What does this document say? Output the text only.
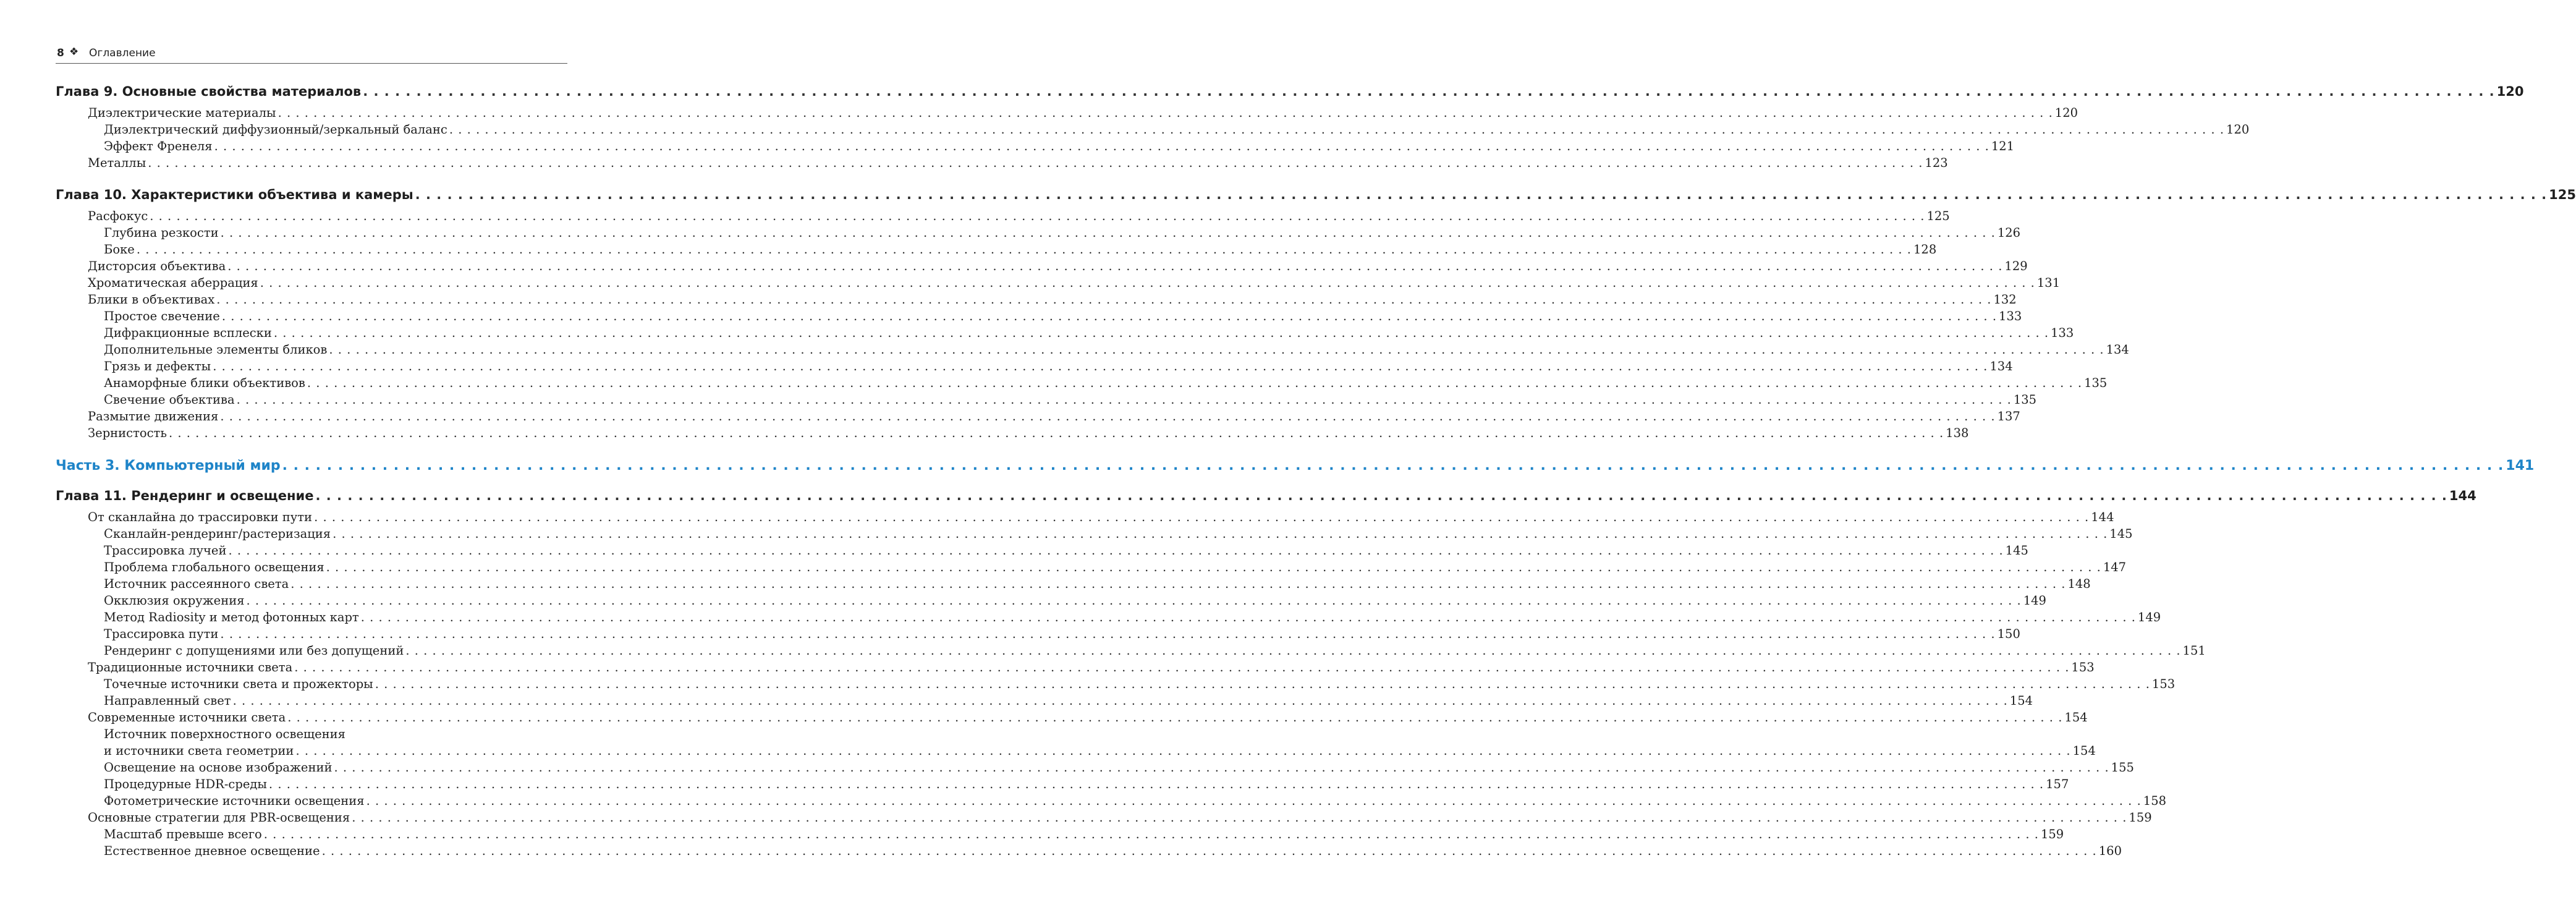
8 ❖ Оглавление
Глава 9. Основные свойства материалов . . . . . . . . . . . . . . . . . . . . . . . . . . . . . . . . . . . . . . . . . . . . . . . . . . . . . . . . . . . . . . . . . . . . . . . . . . . . . . . . . . . . . . . . . . . . . . . . . . . . . . . . . . . . . . . . . . . . . . . . . . . . . . . . . . . . . . . . . . . . . . . . . . . . . . . . . . . . . . . . . . . . . . . . . . . . . . . . . . . . . . . . . . . . . . . . . . . . . . . . 120
Диэлектрические материалы . . . . . . . . . . . . . . . . . . . . . . . . . . . . . . . . . . . . . . . . . . . . . . . . . . . . . . . . . . . . . . . . . . . . . . . . . . . . . . . . . . . . . . . . . . . . . . . . . . . . . . . . . . . . . . . . . . . . . . . . . . . . . . . . . . . . . . . . . . . . . . . . . . . . . . . . . . . . . . . . . . . . . . . . . . . . . . . . . . . . . . . . . . . . . . . . . . . . . . . . 120
Диэлектрический диффузионный/зеркальный баланс . . . . . . . . . . . . . . . . . . . . . . . . . . . . . . . . . . . . . . . . . . . . . . . . . . . . . . . . . . . . . . . . . . . . . . . . . . . . . . . . . . . . . . . . . . . . . . . . . . . . . . . . . . . . . . . . . . . . . . . . . . . . . . . . . . . . . . . . . . . . . . . . . . . . . . . . . . . . . . . . . . . . . . . . . . . . . . . . . . . . . . . . . . . . . . . . . . . . . . . . 120
Эффект Френеля . . . . . . . . . . . . . . . . . . . . . . . . . . . . . . . . . . . . . . . . . . . . . . . . . . . . . . . . . . . . . . . . . . . . . . . . . . . . . . . . . . . . . . . . . . . . . . . . . . . . . . . . . . . . . . . . . . . . . . . . . . . . . . . . . . . . . . . . . . . . . . . . . . . . . . . . . . . . . . . . . . . . . . . . . . . . . . . . . . . . . . . . . . . . . . . . . . . . . . . . 121
Металлы . . . . . . . . . . . . . . . . . . . . . . . . . . . . . . . . . . . . . . . . . . . . . . . . . . . . . . . . . . . . . . . . . . . . . . . . . . . . . . . . . . . . . . . . . . . . . . . . . . . . . . . . . . . . . . . . . . . . . . . . . . . . . . . . . . . . . . . . . . . . . . . . . . . . . . . . . . . . . . . . . . . . . . . . . . . . . . . . . . . . . . . . . . . . . . . . . . . . . . . . 123
Глава 10. Характеристики объектива и камеры . . . . . . . . . . . . . . . . . . . . . . . . . . . . . . . . . . . . . . . . . . . . . . . . . . . . . . . . . . . . . . . . . . . . . . . . . . . . . . . . . . . . . . . . . . . . . . . . . . . . . . . . . . . . . . . . . . . . . . . . . . . . . . . . . . . . . . . . . . . . . . . . . . . . . . . . . . . . . . . . . . . . . . . . . . . . . . . . . . . . . . . . . . . . . . . . . . . . . . . . 125
Расфокус . . . . . . . . . . . . . . . . . . . . . . . . . . . . . . . . . . . . . . . . . . . . . . . . . . . . . . . . . . . . . . . . . . . . . . . . . . . . . . . . . . . . . . . . . . . . . . . . . . . . . . . . . . . . . . . . . . . . . . . . . . . . . . . . . . . . . . . . . . . . . . . . . . . . . . . . . . . . . . . . . . . . . . . . . . . . . . . . . . . . . . . . . . . . . . . . . . . . . . . . 125
Глубина резкости . . . . . . . . . . . . . . . . . . . . . . . . . . . . . . . . . . . . . . . . . . . . . . . . . . . . . . . . . . . . . . . . . . . . . . . . . . . . . . . . . . . . . . . . . . . . . . . . . . . . . . . . . . . . . . . . . . . . . . . . . . . . . . . . . . . . . . . . . . . . . . . . . . . . . . . . . . . . . . . . . . . . . . . . . . . . . . . . . . . . . . . . . . . . . . . . . . . . . . . . 126
Боке . . . . . . . . . . . . . . . . . . . . . . . . . . . . . . . . . . . . . . . . . . . . . . . . . . . . . . . . . . . . . . . . . . . . . . . . . . . . . . . . . . . . . . . . . . . . . . . . . . . . . . . . . . . . . . . . . . . . . . . . . . . . . . . . . . . . . . . . . . . . . . . . . . . . . . . . . . . . . . . . . . . . . . . . . . . . . . . . . . . . . . . . . . . . . . . . . . . . . . . . 128
Дисторсия объектива . . . . . . . . . . . . . . . . . . . . . . . . . . . . . . . . . . . . . . . . . . . . . . . . . . . . . . . . . . . . . . . . . . . . . . . . . . . . . . . . . . . . . . . . . . . . . . . . . . . . . . . . . . . . . . . . . . . . . . . . . . . . . . . . . . . . . . . . . . . . . . . . . . . . . . . . . . . . . . . . . . . . . . . . . . . . . . . . . . . . . . . . . . . . . . . . . . . . . . . . 129
Хроматическая аберрация . . . . . . . . . . . . . . . . . . . . . . . . . . . . . . . . . . . . . . . . . . . . . . . . . . . . . . . . . . . . . . . . . . . . . . . . . . . . . . . . . . . . . . . . . . . . . . . . . . . . . . . . . . . . . . . . . . . . . . . . . . . . . . . . . . . . . . . . . . . . . . . . . . . . . . . . . . . . . . . . . . . . . . . . . . . . . . . . . . . . . . . . . . . . . . . . . . . . . . . . 131
Блики в объективах . . . . . . . . . . . . . . . . . . . . . . . . . . . . . . . . . . . . . . . . . . . . . . . . . . . . . . . . . . . . . . . . . . . . . . . . . . . . . . . . . . . . . . . . . . . . . . . . . . . . . . . . . . . . . . . . . . . . . . . . . . . . . . . . . . . . . . . . . . . . . . . . . . . . . . . . . . . . . . . . . . . . . . . . . . . . . . . . . . . . . . . . . . . . . . . . . . . . . . . . 132
Простое свечение . . . . . . . . . . . . . . . . . . . . . . . . . . . . . . . . . . . . . . . . . . . . . . . . . . . . . . . . . . . . . . . . . . . . . . . . . . . . . . . . . . . . . . . . . . . . . . . . . . . . . . . . . . . . . . . . . . . . . . . . . . . . . . . . . . . . . . . . . . . . . . . . . . . . . . . . . . . . . . . . . . . . . . . . . . . . . . . . . . . . . . . . . . . . . . . . . . . . . . . . 133
Дифракционные всплески . . . . . . . . . . . . . . . . . . . . . . . . . . . . . . . . . . . . . . . . . . . . . . . . . . . . . . . . . . . . . . . . . . . . . . . . . . . . . . . . . . . . . . . . . . . . . . . . . . . . . . . . . . . . . . . . . . . . . . . . . . . . . . . . . . . . . . . . . . . . . . . . . . . . . . . . . . . . . . . . . . . . . . . . . . . . . . . . . . . . . . . . . . . . . . . . . . . . . . . . 133
Дополнительные элементы бликов . . . . . . . . . . . . . . . . . . . . . . . . . . . . . . . . . . . . . . . . . . . . . . . . . . . . . . . . . . . . . . . . . . . . . . . . . . . . . . . . . . . . . . . . . . . . . . . . . . . . . . . . . . . . . . . . . . . . . . . . . . . . . . . . . . . . . . . . . . . . . . . . . . . . . . . . . . . . . . . . . . . . . . . . . . . . . . . . . . . . . . . . . . . . . . . . . . . . . . . . 134
Грязь и дефекты . . . . . . . . . . . . . . . . . . . . . . . . . . . . . . . . . . . . . . . . . . . . . . . . . . . . . . . . . . . . . . . . . . . . . . . . . . . . . . . . . . . . . . . . . . . . . . . . . . . . . . . . . . . . . . . . . . . . . . . . . . . . . . . . . . . . . . . . . . . . . . . . . . . . . . . . . . . . . . . . . . . . . . . . . . . . . . . . . . . . . . . . . . . . . . . . . . . . . . . . 134
Анаморфные блики объективов . . . . . . . . . . . . . . . . . . . . . . . . . . . . . . . . . . . . . . . . . . . . . . . . . . . . . . . . . . . . . . . . . . . . . . . . . . . . . . . . . . . . . . . . . . . . . . . . . . . . . . . . . . . . . . . . . . . . . . . . . . . . . . . . . . . . . . . . . . . . . . . . . . . . . . . . . . . . . . . . . . . . . . . . . . . . . . . . . . . . . . . . . . . . . . . . . . . . . . . . 135
Свечение объектива . . . . . . . . . . . . . . . . . . . . . . . . . . . . . . . . . . . . . . . . . . . . . . . . . . . . . . . . . . . . . . . . . . . . . . . . . . . . . . . . . . . . . . . . . . . . . . . . . . . . . . . . . . . . . . . . . . . . . . . . . . . . . . . . . . . . . . . . . . . . . . . . . . . . . . . . . . . . . . . . . . . . . . . . . . . . . . . . . . . . . . . . . . . . . . . . . . . . . . . . 135
Размытие движения . . . . . . . . . . . . . . . . . . . . . . . . . . . . . . . . . . . . . . . . . . . . . . . . . . . . . . . . . . . . . . . . . . . . . . . . . . . . . . . . . . . . . . . . . . . . . . . . . . . . . . . . . . . . . . . . . . . . . . . . . . . . . . . . . . . . . . . . . . . . . . . . . . . . . . . . . . . . . . . . . . . . . . . . . . . . . . . . . . . . . . . . . . . . . . . . . . . . . . . . 137
Зернистость . . . . . . . . . . . . . . . . . . . . . . . . . . . . . . . . . . . . . . . . . . . . . . . . . . . . . . . . . . . . . . . . . . . . . . . . . . . . . . . . . . . . . . . . . . . . . . . . . . . . . . . . . . . . . . . . . . . . . . . . . . . . . . . . . . . . . . . . . . . . . . . . . . . . . . . . . . . . . . . . . . . . . . . . . . . . . . . . . . . . . . . . . . . . . . . . . . . . . . . . 138
Часть 3. Компьютерный мир . . . . . . . . . . . . . . . . . . . . . . . . . . . . . . . . . . . . . . . . . . . . . . . . . . . . . . . . . . . . . . . . . . . . . . . . . . . . . . . . . . . . . . . . . . . . . . . . . . . . . . . . . . . . . . . . . . . . . . . . . . . . . . . . . . . . . . . . . . . . . . . . . . . . . . . . . . . . . . . . . . . . . . . . . . . . . . . . . . . . . . . . . . . . . . . . . . . . . . . . 141
Глава 11. Рендеринг и освещение . . . . . . . . . . . . . . . . . . . . . . . . . . . . . . . . . . . . . . . . . . . . . . . . . . . . . . . . . . . . . . . . . . . . . . . . . . . . . . . . . . . . . . . . . . . . . . . . . . . . . . . . . . . . . . . . . . . . . . . . . . . . . . . . . . . . . . . . . . . . . . . . . . . . . . . . . . . . . . . . . . . . . . . . . . . . . . . . . . . . . . . . . . . . . . . . . . . . . . . . 144
От сканлайна до трассировки пути . . . . . . . . . . . . . . . . . . . . . . . . . . . . . . . . . . . . . . . . . . . . . . . . . . . . . . . . . . . . . . . . . . . . . . . . . . . . . . . . . . . . . . . . . . . . . . . . . . . . . . . . . . . . . . . . . . . . . . . . . . . . . . . . . . . . . . . . . . . . . . . . . . . . . . . . . . . . . . . . . . . . . . . . . . . . . . . . . . . . . . . . . . . . . . . . . . . . . . . . 144
Сканлайн-рендеринг/растеризация . . . . . . . . . . . . . . . . . . . . . . . . . . . . . . . . . . . . . . . . . . . . . . . . . . . . . . . . . . . . . . . . . . . . . . . . . . . . . . . . . . . . . . . . . . . . . . . . . . . . . . . . . . . . . . . . . . . . . . . . . . . . . . . . . . . . . . . . . . . . . . . . . . . . . . . . . . . . . . . . . . . . . . . . . . . . . . . . . . . . . . . . . . . . . . . . . . . . . . . . 145
Трассировка лучей . . . . . . . . . . . . . . . . . . . . . . . . . . . . . . . . . . . . . . . . . . . . . . . . . . . . . . . . . . . . . . . . . . . . . . . . . . . . . . . . . . . . . . . . . . . . . . . . . . . . . . . . . . . . . . . . . . . . . . . . . . . . . . . . . . . . . . . . . . . . . . . . . . . . . . . . . . . . . . . . . . . . . . . . . . . . . . . . . . . . . . . . . . . . . . . . . . . . . . . . 145
Проблема глобального освещения . . . . . . . . . . . . . . . . . . . . . . . . . . . . . . . . . . . . . . . . . . . . . . . . . . . . . . . . . . . . . . . . . . . . . . . . . . . . . . . . . . . . . . . . . . . . . . . . . . . . . . . . . . . . . . . . . . . . . . . . . . . . . . . . . . . . . . . . . . . . . . . . . . . . . . . . . . . . . . . . . . . . . . . . . . . . . . . . . . . . . . . . . . . . . . . . . . . . . . . . 147
Источник рассеянного света . . . . . . . . . . . . . . . . . . . . . . . . . . . . . . . . . . . . . . . . . . . . . . . . . . . . . . . . . . . . . . . . . . . . . . . . . . . . . . . . . . . . . . . . . . . . . . . . . . . . . . . . . . . . . . . . . . . . . . . . . . . . . . . . . . . . . . . . . . . . . . . . . . . . . . . . . . . . . . . . . . . . . . . . . . . . . . . . . . . . . . . . . . . . . . . . . . . . . . . . 148
Окклюзия окружения . . . . . . . . . . . . . . . . . . . . . . . . . . . . . . . . . . . . . . . . . . . . . . . . . . . . . . . . . . . . . . . . . . . . . . . . . . . . . . . . . . . . . . . . . . . . . . . . . . . . . . . . . . . . . . . . . . . . . . . . . . . . . . . . . . . . . . . . . . . . . . . . . . . . . . . . . . . . . . . . . . . . . . . . . . . . . . . . . . . . . . . . . . . . . . . . . . . . . . . . 149
Метод Radiosity и метод фотонных карт . . . . . . . . . . . . . . . . . . . . . . . . . . . . . . . . . . . . . . . . . . . . . . . . . . . . . . . . . . . . . . . . . . . . . . . . . . . . . . . . . . . . . . . . . . . . . . . . . . . . . . . . . . . . . . . . . . . . . . . . . . . . . . . . . . . . . . . . . . . . . . . . . . . . . . . . . . . . . . . . . . . . . . . . . . . . . . . . . . . . . . . . . . . . . . . . . . . . . . . . 149
Трассировка пути . . . . . . . . . . . . . . . . . . . . . . . . . . . . . . . . . . . . . . . . . . . . . . . . . . . . . . . . . . . . . . . . . . . . . . . . . . . . . . . . . . . . . . . . . . . . . . . . . . . . . . . . . . . . . . . . . . . . . . . . . . . . . . . . . . . . . . . . . . . . . . . . . . . . . . . . . . . . . . . . . . . . . . . . . . . . . . . . . . . . . . . . . . . . . . . . . . . . . . . . 150
Рендеринг с допущениями или без допущений . . . . . . . . . . . . . . . . . . . . . . . . . . . . . . . . . . . . . . . . . . . . . . . . . . . . . . . . . . . . . . . . . . . . . . . . . . . . . . . . . . . . . . . . . . . . . . . . . . . . . . . . . . . . . . . . . . . . . . . . . . . . . . . . . . . . . . . . . . . . . . . . . . . . . . . . . . . . . . . . . . . . . . . . . . . . . . . . . . . . . . . . . . . . . . . . . . . . . . . . 151
Традиционные источники света . . . . . . . . . . . . . . . . . . . . . . . . . . . . . . . . . . . . . . . . . . . . . . . . . . . . . . . . . . . . . . . . . . . . . . . . . . . . . . . . . . . . . . . . . . . . . . . . . . . . . . . . . . . . . . . . . . . . . . . . . . . . . . . . . . . . . . . . . . . . . . . . . . . . . . . . . . . . . . . . . . . . . . . . . . . . . . . . . . . . . . . . . . . . . . . . . . . . . . . . 153
Точечные источники света и прожекторы . . . . . . . . . . . . . . . . . . . . . . . . . . . . . . . . . . . . . . . . . . . . . . . . . . . . . . . . . . . . . . . . . . . . . . . . . . . . . . . . . . . . . . . . . . . . . . . . . . . . . . . . . . . . . . . . . . . . . . . . . . . . . . . . . . . . . . . . . . . . . . . . . . . . . . . . . . . . . . . . . . . . . . . . . . . . . . . . . . . . . . . . . . . . . . . . . . . . . . . . 153
Направленный свет . . . . . . . . . . . . . . . . . . . . . . . . . . . . . . . . . . . . . . . . . . . . . . . . . . . . . . . . . . . . . . . . . . . . . . . . . . . . . . . . . . . . . . . . . . . . . . . . . . . . . . . . . . . . . . . . . . . . . . . . . . . . . . . . . . . . . . . . . . . . . . . . . . . . . . . . . . . . . . . . . . . . . . . . . . . . . . . . . . . . . . . . . . . . . . . . . . . . . . . . 154
Современные источники света . . . . . . . . . . . . . . . . . . . . . . . . . . . . . . . . . . . . . . . . . . . . . . . . . . . . . . . . . . . . . . . . . . . . . . . . . . . . . . . . . . . . . . . . . . . . . . . . . . . . . . . . . . . . . . . . . . . . . . . . . . . . . . . . . . . . . . . . . . . . . . . . . . . . . . . . . . . . . . . . . . . . . . . . . . . . . . . . . . . . . . . . . . . . . . . . . . . . . . . . 154
Источник поверхностного освещения
и источники света геометрии . . . . . . . . . . . . . . . . . . . . . . . . . . . . . . . . . . . . . . . . . . . . . . . . . . . . . . . . . . . . . . . . . . . . . . . . . . . . . . . . . . . . . . . . . . . . . . . . . . . . . . . . . . . . . . . . . . . . . . . . . . . . . . . . . . . . . . . . . . . . . . . . . . . . . . . . . . . . . . . . . . . . . . . . . . . . . . . . . . . . . . . . . . . . . . . . . . . . . . . . 154
Освещение на основе изображений . . . . . . . . . . . . . . . . . . . . . . . . . . . . . . . . . . . . . . . . . . . . . . . . . . . . . . . . . . . . . . . . . . . . . . . . . . . . . . . . . . . . . . . . . . . . . . . . . . . . . . . . . . . . . . . . . . . . . . . . . . . . . . . . . . . . . . . . . . . . . . . . . . . . . . . . . . . . . . . . . . . . . . . . . . . . . . . . . . . . . . . . . . . . . . . . . . . . . . . . 155
Процедурные HDR-среды . . . . . . . . . . . . . . . . . . . . . . . . . . . . . . . . . . . . . . . . . . . . . . . . . . . . . . . . . . . . . . . . . . . . . . . . . . . . . . . . . . . . . . . . . . . . . . . . . . . . . . . . . . . . . . . . . . . . . . . . . . . . . . . . . . . . . . . . . . . . . . . . . . . . . . . . . . . . . . . . . . . . . . . . . . . . . . . . . . . . . . . . . . . . . . . . . . . . . . . . 157
Фотометрические источники освещения . . . . . . . . . . . . . . . . . . . . . . . . . . . . . . . . . . . . . . . . . . . . . . . . . . . . . . . . . . . . . . . . . . . . . . . . . . . . . . . . . . . . . . . . . . . . . . . . . . . . . . . . . . . . . . . . . . . . . . . . . . . . . . . . . . . . . . . . . . . . . . . . . . . . . . . . . . . . . . . . . . . . . . . . . . . . . . . . . . . . . . . . . . . . . . . . . . . . . . . . 158
Основные стратегии для PBR-освещения . . . . . . . . . . . . . . . . . . . . . . . . . . . . . . . . . . . . . . . . . . . . . . . . . . . . . . . . . . . . . . . . . . . . . . . . . . . . . . . . . . . . . . . . . . . . . . . . . . . . . . . . . . . . . . . . . . . . . . . . . . . . . . . . . . . . . . . . . . . . . . . . . . . . . . . . . . . . . . . . . . . . . . . . . . . . . . . . . . . . . . . . . . . . . . . . . . . . . . . . 159
Масштаб превыше всего . . . . . . . . . . . . . . . . . . . . . . . . . . . . . . . . . . . . . . . . . . . . . . . . . . . . . . . . . . . . . . . . . . . . . . . . . . . . . . . . . . . . . . . . . . . . . . . . . . . . . . . . . . . . . . . . . . . . . . . . . . . . . . . . . . . . . . . . . . . . . . . . . . . . . . . . . . . . . . . . . . . . . . . . . . . . . . . . . . . . . . . . . . . . . . . . . . . . . . . . 159
Естественное дневное освещение . . . . . . . . . . . . . . . . . . . . . . . . . . . . . . . . . . . . . . . . . . . . . . . . . . . . . . . . . . . . . . . . . . . . . . . . . . . . . . . . . . . . . . . . . . . . . . . . . . . . . . . . . . . . . . . . . . . . . . . . . . . . . . . . . . . . . . . . . . . . . . . . . . . . . . . . . . . . . . . . . . . . . . . . . . . . . . . . . . . . . . . . . . . . . . . . . . . . . . . . 160
